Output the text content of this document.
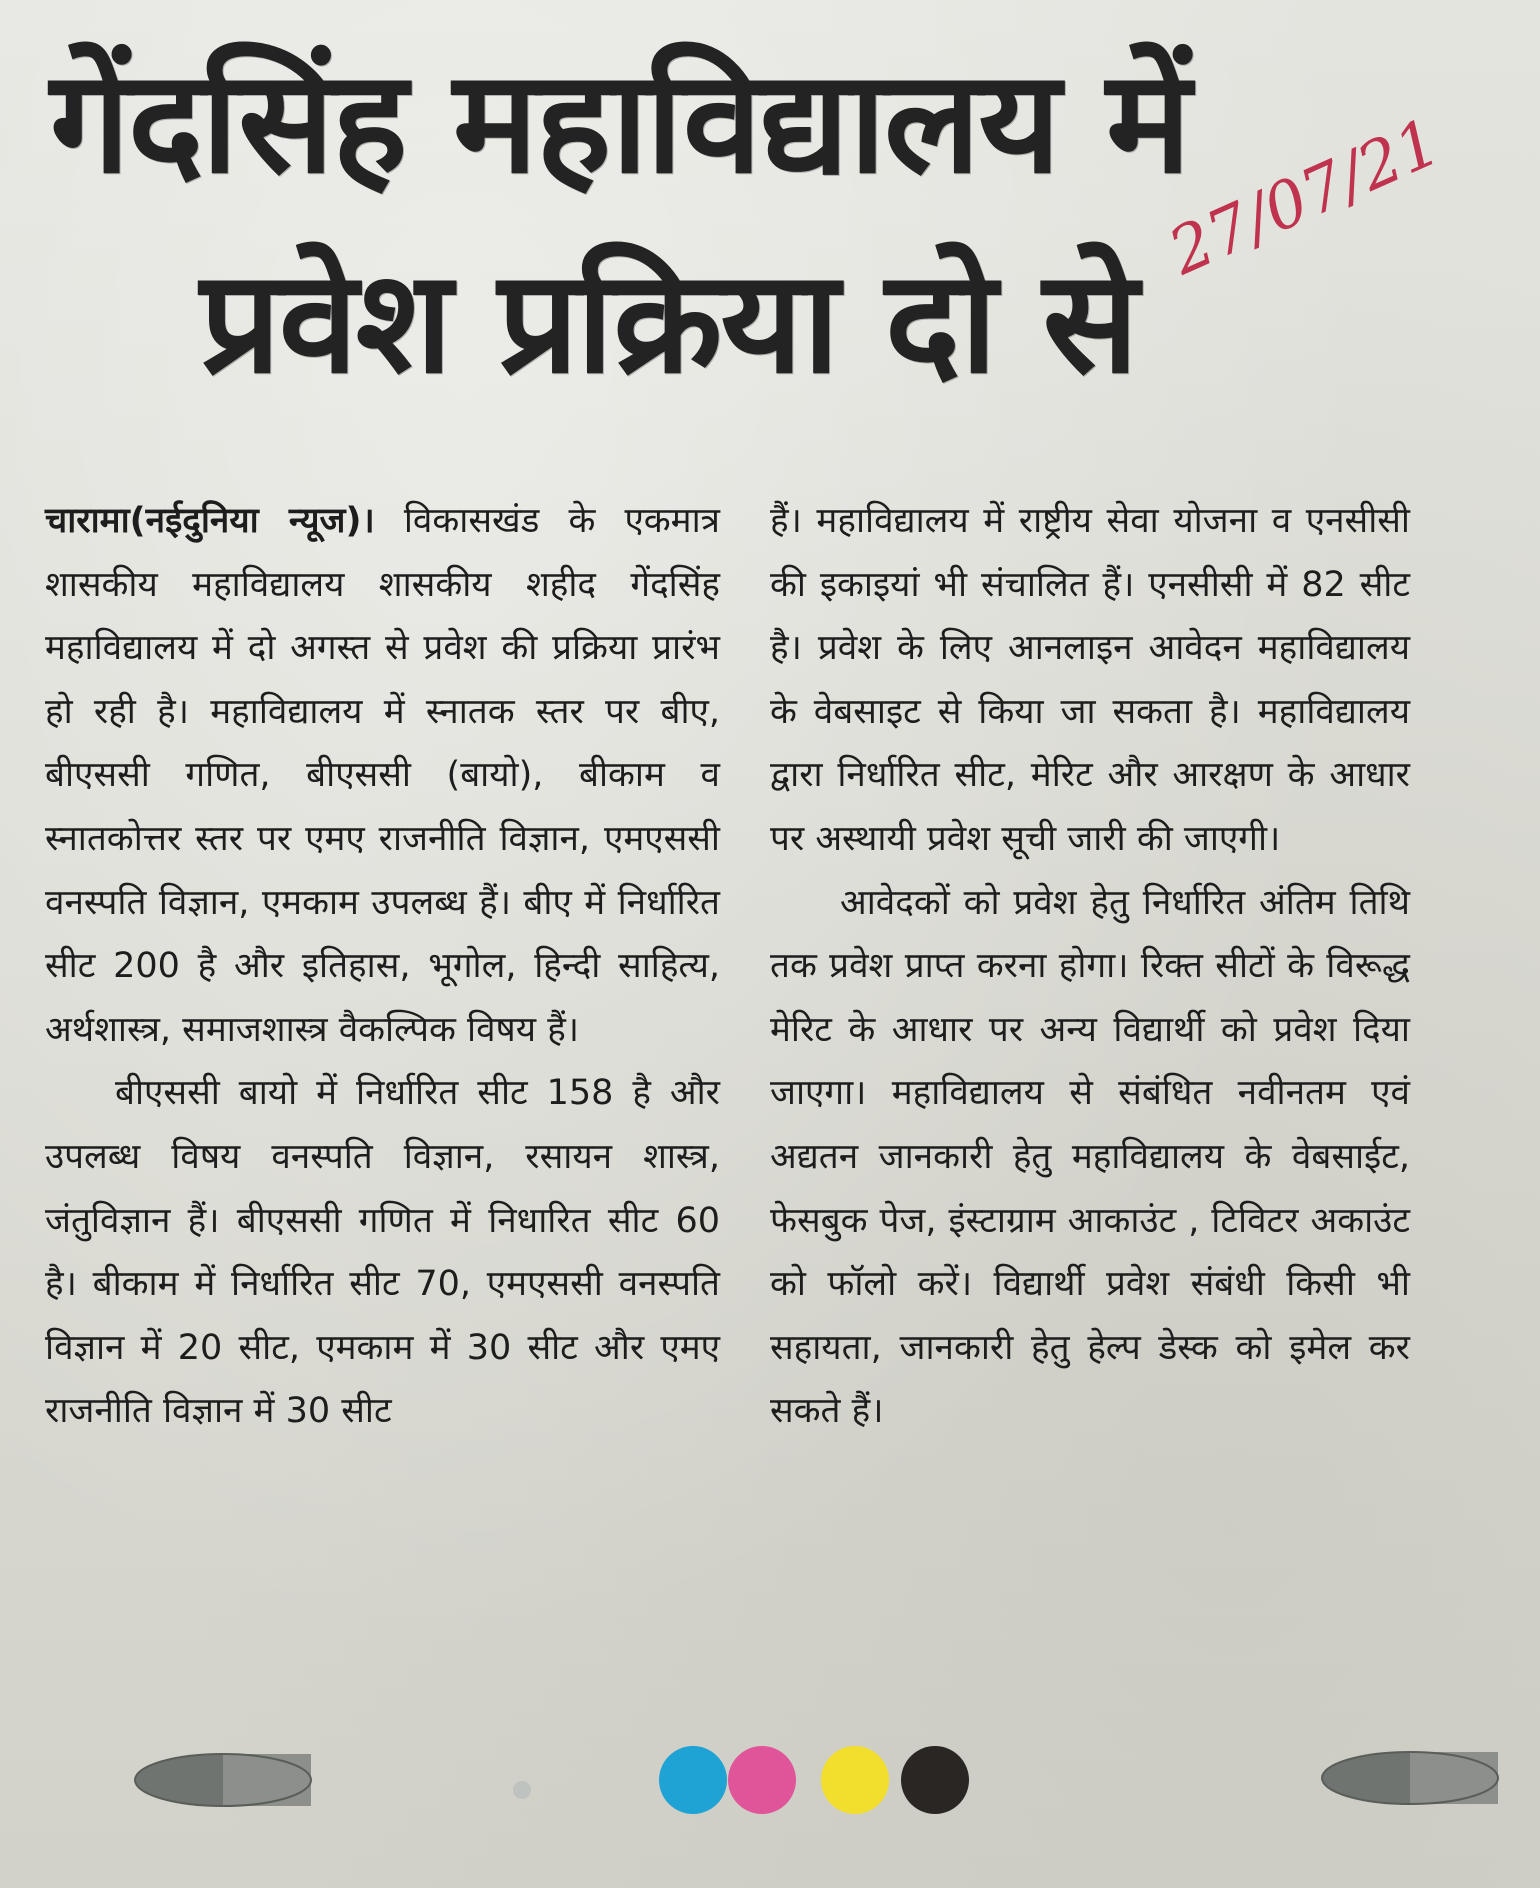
गेंदसिंह महाविद्यालय में
प्रवेश प्रक्रिया दो से
27/07/21

चारामा(नईदुनिया न्यूज)। विकासखंड के एकमात्र शासकीय महाविद्यालय शासकीय शहीद गेंदसिंह महाविद्यालय में दो अगस्त से प्रवेश की प्रक्रिया प्रारंभ हो रही है। महाविद्यालय में स्नातक स्तर पर बीए, बीएससी गणित, बीएससी (बायो), बीकाम व स्नातकोत्तर स्तर पर एमए राजनीति विज्ञान, एमएससी वनस्पति विज्ञान, एमकाम उपलब्ध हैं। बीए में निर्धारित सीट 200 है और इतिहास, भूगोल, हिन्दी साहित्य, अर्थशास्त्र, समाजशास्त्र वैकल्पिक विषय हैं।

बीएससी बायो में निर्धारित सीट 158 है और उपलब्ध विषय वनस्पति विज्ञान, रसायन शास्त्र, जंतुविज्ञान हैं। बीएससी गणित में निधारित सीट 60 है। बीकाम में निर्धारित सीट 70, एमएससी वनस्पति विज्ञान में 20 सीट, एमकाम में 30 सीट और एमए राजनीति विज्ञान में 30 सीट

हैं। महाविद्यालय में राष्ट्रीय सेवा योजना व एनसीसी की इकाइयां भी संचालित हैं। एनसीसी में 82 सीट है। प्रवेश के लिए आनलाइन आवेदन महाविद्यालय के वेबसाइट से किया जा सकता है। महाविद्यालय द्वारा निर्धारित सीट, मेरिट और आरक्षण के आधार पर अस्थायी प्रवेश सूची जारी की जाएगी।

आवेदकों को प्रवेश हेतु निर्धारित अंतिम तिथि तक प्रवेश प्राप्त करना होगा। रिक्त सीटों के विरूद्ध मेरिट के आधार पर अन्य विद्यार्थी को प्रवेश दिया जाएगा। महाविद्यालय से संबंधित नवीनतम एवं अद्यतन जानकारी हेतु महाविद्यालय के वेबसाईट, फेसबुक पेज, इंस्टाग्राम आकाउंट , टिविटर अकाउंट को फॉलो करें। विद्यार्थी प्रवेश संबंधी किसी भी सहायता, जानकारी हेतु हेल्प डेस्क को इमेल कर सकते हैं।
